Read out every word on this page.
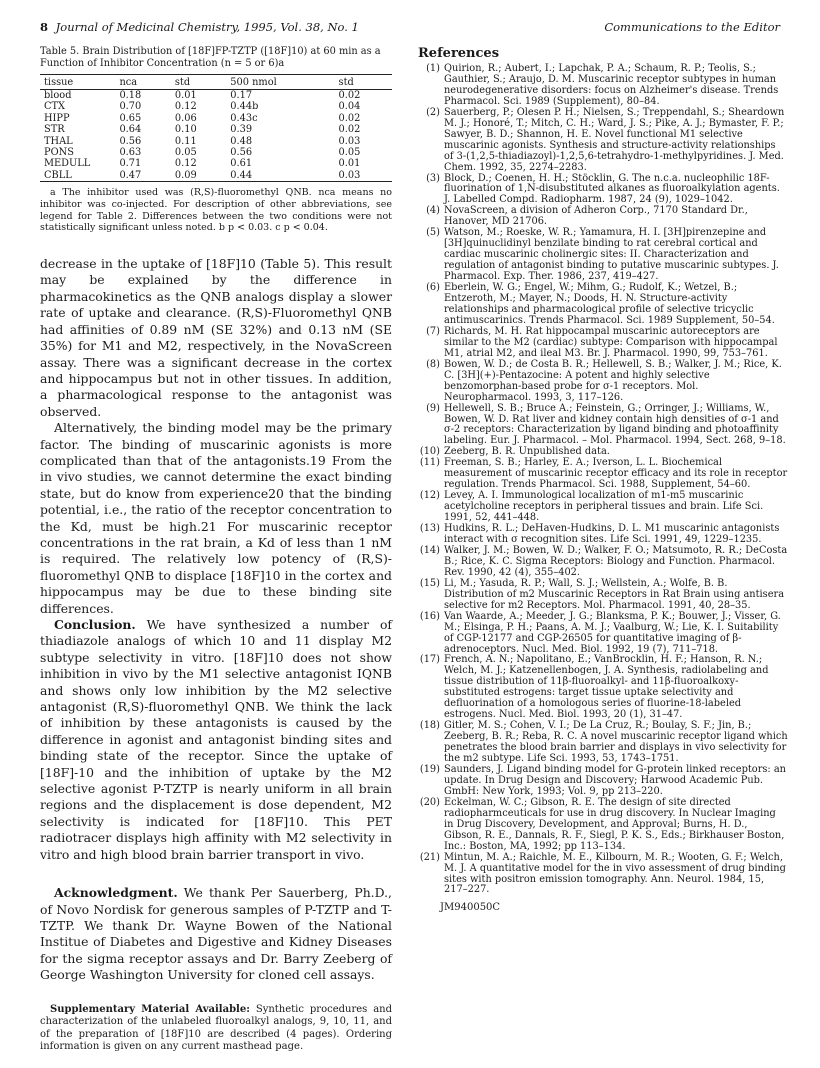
8 Journal of Medicinal Chemistry, 1995, Vol. 38, No. 1	Communications to the Editor

Table 5. Brain Distribution of [18F]FP-TZTP ([18F]10) at 60 min as a Function of Inhibitor Concentration (n = 5 or 6)a

tissue	nca	std	500 nmol	std
blood	0.18	0.01	0.17	0.02
CTX	0.70	0.12	0.44b	0.04
HIPP	0.65	0.06	0.43c	0.02
STR	0.64	0.10	0.39	0.02
THAL	0.56	0.11	0.48	0.03
PONS	0.63	0.05	0.56	0.05
MEDULL	0.71	0.12	0.61	0.01
CBLL	0.47	0.09	0.44	0.03

a The inhibitor used was (R,S)-fluoromethyl QNB. nca means no inhibitor was co-injected. For description of other abbreviations, see legend for Table 2. Differences between the two conditions were not statistically significant unless noted. b p < 0.03. c p < 0.04.

decrease in the uptake of [18F]10 (Table 5). This result may be explained by the difference in pharmacokinetics as the QNB analogs display a slower rate of uptake and clearance. (R,S)-Fluoromethyl QNB had affinities of 0.89 nM (SE 32%) and 0.13 nM (SE 35%) for M1 and M2, respectively, in the NovaScreen assay. There was a significant decrease in the cortex and hippocampus but not in other tissues. In addition, a pharmacological response to the antagonist was observed.

Alternatively, the binding model may be the primary factor. The binding of muscarinic agonists is more complicated than that of the antagonists.19 From the in vivo studies, we cannot determine the exact binding state, but do know from experience20 that the binding potential, i.e., the ratio of the receptor concentration to the Kd, must be high.21 For muscarinic receptor concentrations in the rat brain, a Kd of less than 1 nM is required. The relatively low potency of (R,S)-fluoromethyl QNB to displace [18F]10 in the cortex and hippocampus may be due to these binding site differences.

Conclusion. We have synthesized a number of thiadiazole analogs of which 10 and 11 display M2 subtype selectivity in vitro. [18F]10 does not show inhibition in vivo by the M1 selective antagonist IQNB and shows only low inhibition by the M2 selective antagonist (R,S)-fluoromethyl QNB. We think the lack of inhibition by these antagonists is caused by the difference in agonist and antagonist binding sites and binding state of the receptor. Since the uptake of [18F]-10 and the inhibition of uptake by the M2 selective agonist P-TZTP is nearly uniform in all brain regions and the displacement is dose dependent, M2 selectivity is indicated for [18F]10. This PET radiotracer displays high affinity with M2 selectivity in vitro and high blood brain barrier transport in vivo.

Acknowledgment. We thank Per Sauerberg, Ph.D., of Novo Nordisk for generous samples of P-TZTP and T-TZTP. We thank Dr. Wayne Bowen of the National Institue of Diabetes and Digestive and Kidney Diseases for the sigma receptor assays and Dr. Barry Zeeberg of George Washington University for cloned cell assays.

Supplementary Material Available: Synthetic procedures and characterization of the unlabeled fluoroalkyl analogs, 9, 10, 11, and of the preparation of [18F]10 are described (4 pages). Ordering information is given on any current masthead page.

References
(1) Quirion, R.; Aubert, I.; Lapchak, P. A.; Schaum, R. P.; Teolis, S.; Gauthier, S.; Araujo, D. M. Muscarinic receptor subtypes in human neurodegenerative disorders: focus on Alzheimer's disease. Trends Pharmacol. Sci. 1989 (Supplement), 80–84.
(2) Sauerberg, P.; Olesen P. H.; Nielsen, S.; Treppendahl, S.; Sheardown M. J.; Honoré, T.; Mitch, C. H.; Ward, J. S.; Pike, A. J.; Bymaster, F. P.; Sawyer, B. D.; Shannon, H. E. Novel functional M1 selective muscarinic agonists. Synthesis and structure-activity relationships of 3-(1,2,5-thiadiazoyl)-1,2,5,6-tetrahydro-1-methylpyridines. J. Med. Chem. 1992, 35, 2274–2283.
(3) Block, D.; Coenen, H. H.; Stöcklin, G. The n.c.a. nucleophilic 18F-fluorination of 1,N-disubstituted alkanes as fluoroalkylation agents. J. Labelled Compd. Radiopharm. 1987, 24 (9), 1029–1042.
(4) NovaScreen, a division of Adheron Corp., 7170 Standard Dr., Hanover, MD 21706.
(5) Watson, M.; Roeske, W. R.; Yamamura, H. I. [3H]pirenzepine and [3H]quinuclidinyl benzilate binding to rat cerebral cortical and cardiac muscarinic cholinergic sites: II. Characterization and regulation of antagonist binding to putative muscarinic subtypes. J. Pharmacol. Exp. Ther. 1986, 237, 419–427.
(6) Eberlein, W. G.; Engel, W.; Mihm, G.; Rudolf, K.; Wetzel, B.; Entzeroth, M.; Mayer, N.; Doods, H. N. Structure-activity relationships and pharmacological profile of selective tricyclic antimuscarinics. Trends Pharmacol. Sci. 1989 Supplement, 50–54.
(7) Richards, M. H. Rat hippocampal muscarinic autoreceptors are similar to the M2 (cardiac) subtype: Comparison with hippocampal M1, atrial M2, and ileal M3. Br. J. Pharmacol. 1990, 99, 753–761.
(8) Bowen, W. D.; de Costa B. R.; Hellewell, S. B.; Walker, J. M.; Rice, K. C. [3H](+)-Pentazocine: A potent and highly selective benzomorphan-based probe for σ-1 receptors. Mol. Neuropharmacol. 1993, 3, 117–126.
(9) Hellewell, S. B.; Bruce A.; Feinstein, G.; Orringer, J.; Williams, W., Bowen, W. D. Rat liver and kidney contain high densities of σ-1 and σ-2 receptors: Characterization by ligand binding and photoaffinity labeling. Eur. J. Pharmacol. – Mol. Pharmacol. 1994, Sect. 268, 9–18.
(10) Zeeberg, B. R. Unpublished data.
(11) Freeman, S. B.; Harley, E. A.; Iverson, L. L. Biochemical measurement of muscarinic receptor efficacy and its role in receptor regulation. Trends Pharmacol. Sci. 1988, Supplement, 54–60.
(12) Levey, A. I. Immunological localization of m1-m5 muscarinic acetylcholine receptors in peripheral tissues and brain. Life Sci. 1991, 52, 441–448.
(13) Hudkins, R. L.; DeHaven-Hudkins, D. L. M1 muscarinic antagonists interact with σ recognition sites. Life Sci. 1991, 49, 1229–1235.
(14) Walker, J. M.; Bowen, W. D.; Walker, F. O.; Matsumoto, R. R.; DeCosta B.; Rice, K. C. Sigma Receptors: Biology and Function. Pharmacol. Rev. 1990, 42 (4), 355–402.
(15) Li, M.; Yasuda, R. P.; Wall, S. J.; Wellstein, A.; Wolfe, B. B. Distribution of m2 Muscarinic Receptors in Rat Brain using antisera selective for m2 Receptors. Mol. Pharmacol. 1991, 40, 28–35.
(16) Van Waarde, A.; Meeder, J. G.; Blanksma, P. K.; Bouwer, J.; Visser, G. M.; Elsinga, P. H.; Paans, A. M. J.; Vaalburg, W.; Lie, K. I. Suitability of CGP-12177 and CGP-26505 for quantitative imaging of β-adrenoceptors. Nucl. Med. Biol. 1992, 19 (7), 711–718.
(17) French, A. N.; Napolitano, E.; VanBrocklin, H. F.; Hanson, R. N.; Welch, M. J.; Katzenellenbogen, J. A. Synthesis, radiolabeling and tissue distribution of 11β-fluoroalkyl- and 11β-fluoroalkoxy-substituted estrogens: target tissue uptake selectivity and defluorination of a homologous series of fluorine-18-labeled estrogens. Nucl. Med. Biol. 1993, 20 (1), 31–47.
(18) Gitler, M. S.; Cohen, V. I.; De La Cruz, R.; Boulay, S. F.; Jin, B.; Zeeberg, B. R.; Reba, R. C. A novel muscarinic receptor ligand which penetrates the blood brain barrier and displays in vivo selectivity for the m2 subtype. Life Sci. 1993, 53, 1743–1751.
(19) Saunders, J. Ligand binding model for G-protein linked receptors: an update. In Drug Design and Discovery; Harwood Academic Pub. GmbH: New York, 1993; Vol. 9, pp 213–220.
(20) Eckelman, W. C.; Gibson, R. E. The design of site directed radiopharmceuticals for use in drug discovery. In Nuclear Imaging in Drug Discovery, Development, and Approval; Burns, H. D., Gibson, R. E., Dannals, R. F., Siegl, P. K. S., Eds.; Birkhauser Boston, Inc.: Boston, MA, 1992; pp 113–134.
(21) Mintun, M. A.; Raichle, M. E., Kilbourn, M. R.; Wooten, G. F.; Welch, M. J. A quantitative model for the in vivo assessment of drug binding sites with positron emission tomography. Ann. Neurol. 1984, 15, 217–227.
JM940050C
